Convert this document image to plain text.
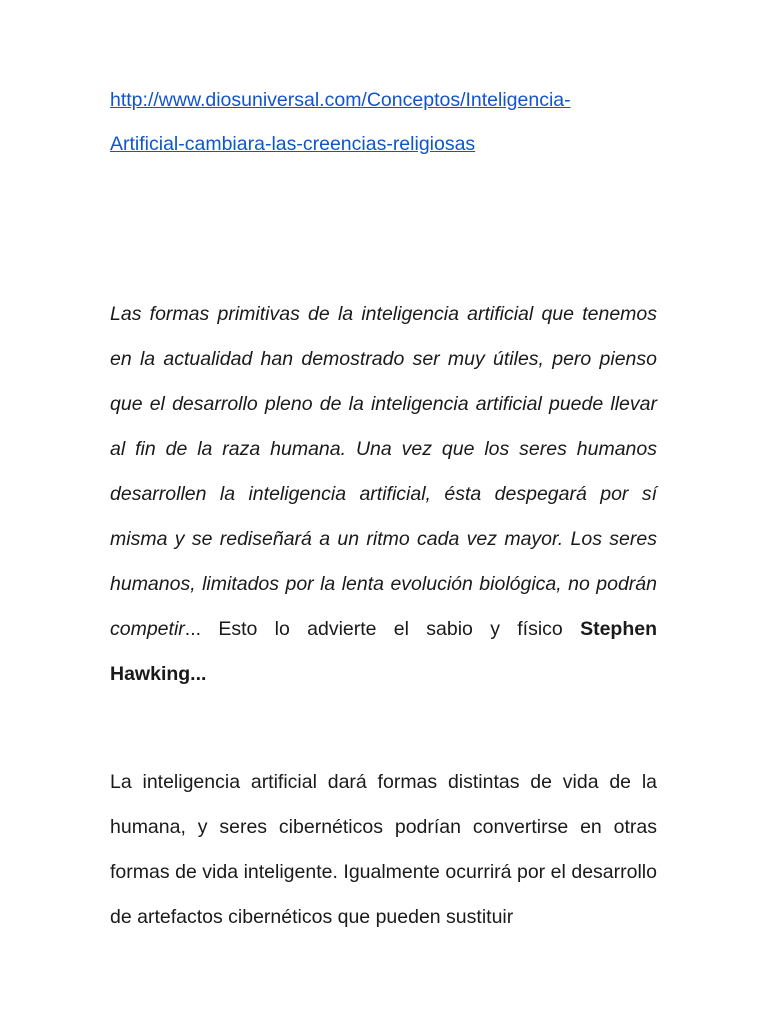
http://www.diosuniversal.com/Conceptos/Inteligencia-
Artificial-cambiara-las-creencias-religiosas

Las formas primitivas de la inteligencia artificial que tenemos en la actualidad han demostrado ser muy útiles, pero pienso que el desarrollo pleno de la inteligencia artificial puede llevar al fin de la raza humana. Una vez que los seres humanos desarrollen la inteligencia artificial, ésta despegará por sí misma y se rediseñará a un ritmo cada vez mayor. Los seres humanos, limitados por la lenta evolución biológica, no podrán competir... Esto lo advierte el sabio y físico Stephen Hawking...

La inteligencia artificial dará formas distintas de vida de la humana, y seres cibernéticos podrían convertirse en otras formas de vida inteligente. Igualmente ocurrirá por el desarrollo de artefactos cibernéticos que pueden sustituir
